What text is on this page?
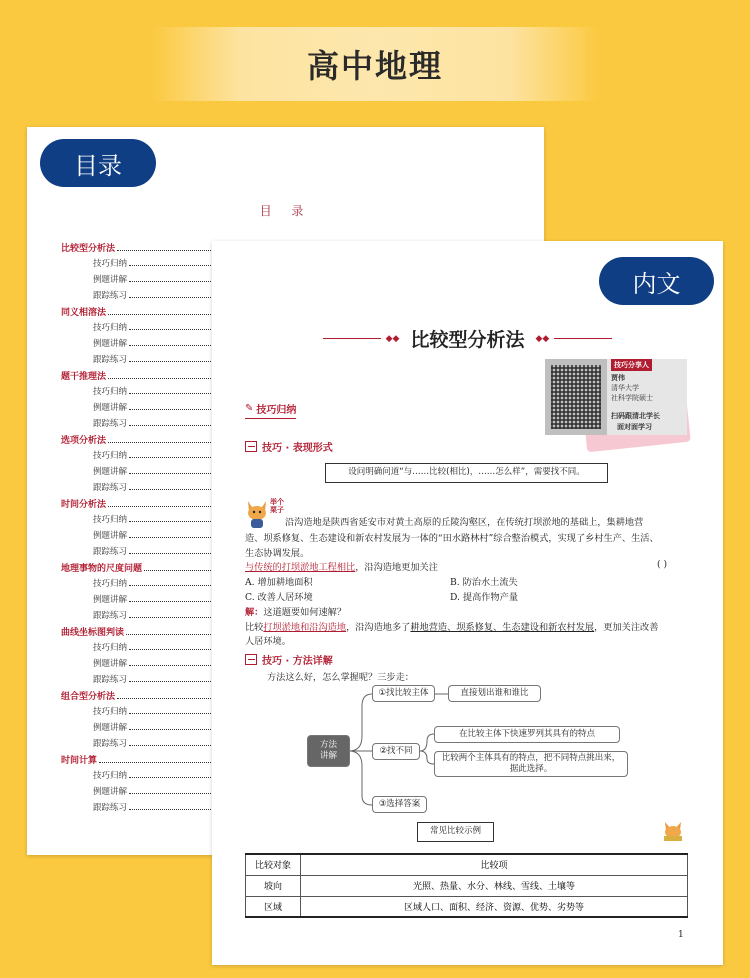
高中地理
目录
目 录
比较型分析法
技巧归纳
例题讲解
跟踪练习
同义相溶法
技巧归纳
例题讲解
跟踪练习
题干推理法
技巧归纳
例题讲解
跟踪练习
选项分析法
技巧归纳
例题讲解
跟踪练习
时间分析法
技巧归纳
例题讲解
跟踪练习
地理事物的尺度问题
技巧归纳
例题讲解
跟踪练习
曲线坐标图判读
技巧归纳
例题讲解
跟踪练习
组合型分析法
技巧归纳
例题讲解
跟踪练习
时间计算
技巧归纳
例题讲解
跟踪练习
内文
◆◆ 比较型分析法 ◆◆
技巧分享人
贾伟
清华大学
社科学院硕士
扫码跟清北学长
面对面学习
✎ 技巧归纳
技巧 · 表现形式
设问明确问道“与……比较(相比)，……怎么样”，需要找不同。
举个栗子
沿沟造地是陕西省延安市对黄土高原的丘陵沟壑区，在传统打坝淤地的基础上，集耕地营
造、坝系修复、生态建设和新农村发展为一体的“田水路林村”综合整治模式，实现了乡村生产、生活、
生态协调发展。
与传统的打坝淤地工程相比，沿沟造地更加关注	( )
A. 增加耕地面积	B. 防治水土流失
C. 改善人居环境	D. 提高作物产量
解：这道题要如何速解？
比较打坝淤地和沿沟造地，沿沟造地多了耕地营造、坝系修复、生态建设和新农村发展，更加关注改善
人居环境。
技巧 · 方法详解
方法这么好，怎么掌握呢？三步走：
方法
讲解
①找比较主体	直接划出谁和谁比
②找不同
在比较主体下快速罗列其具有的特点
比较两个主体具有的特点，把不同特点挑出来，据此选择。
③选择答案
常见比较示例
比较对象	比较项
坡向	光照、热量、水分、林线、雪线、土壤等
区域	区域人口、面积、经济、资源、优势、劣势等
1
